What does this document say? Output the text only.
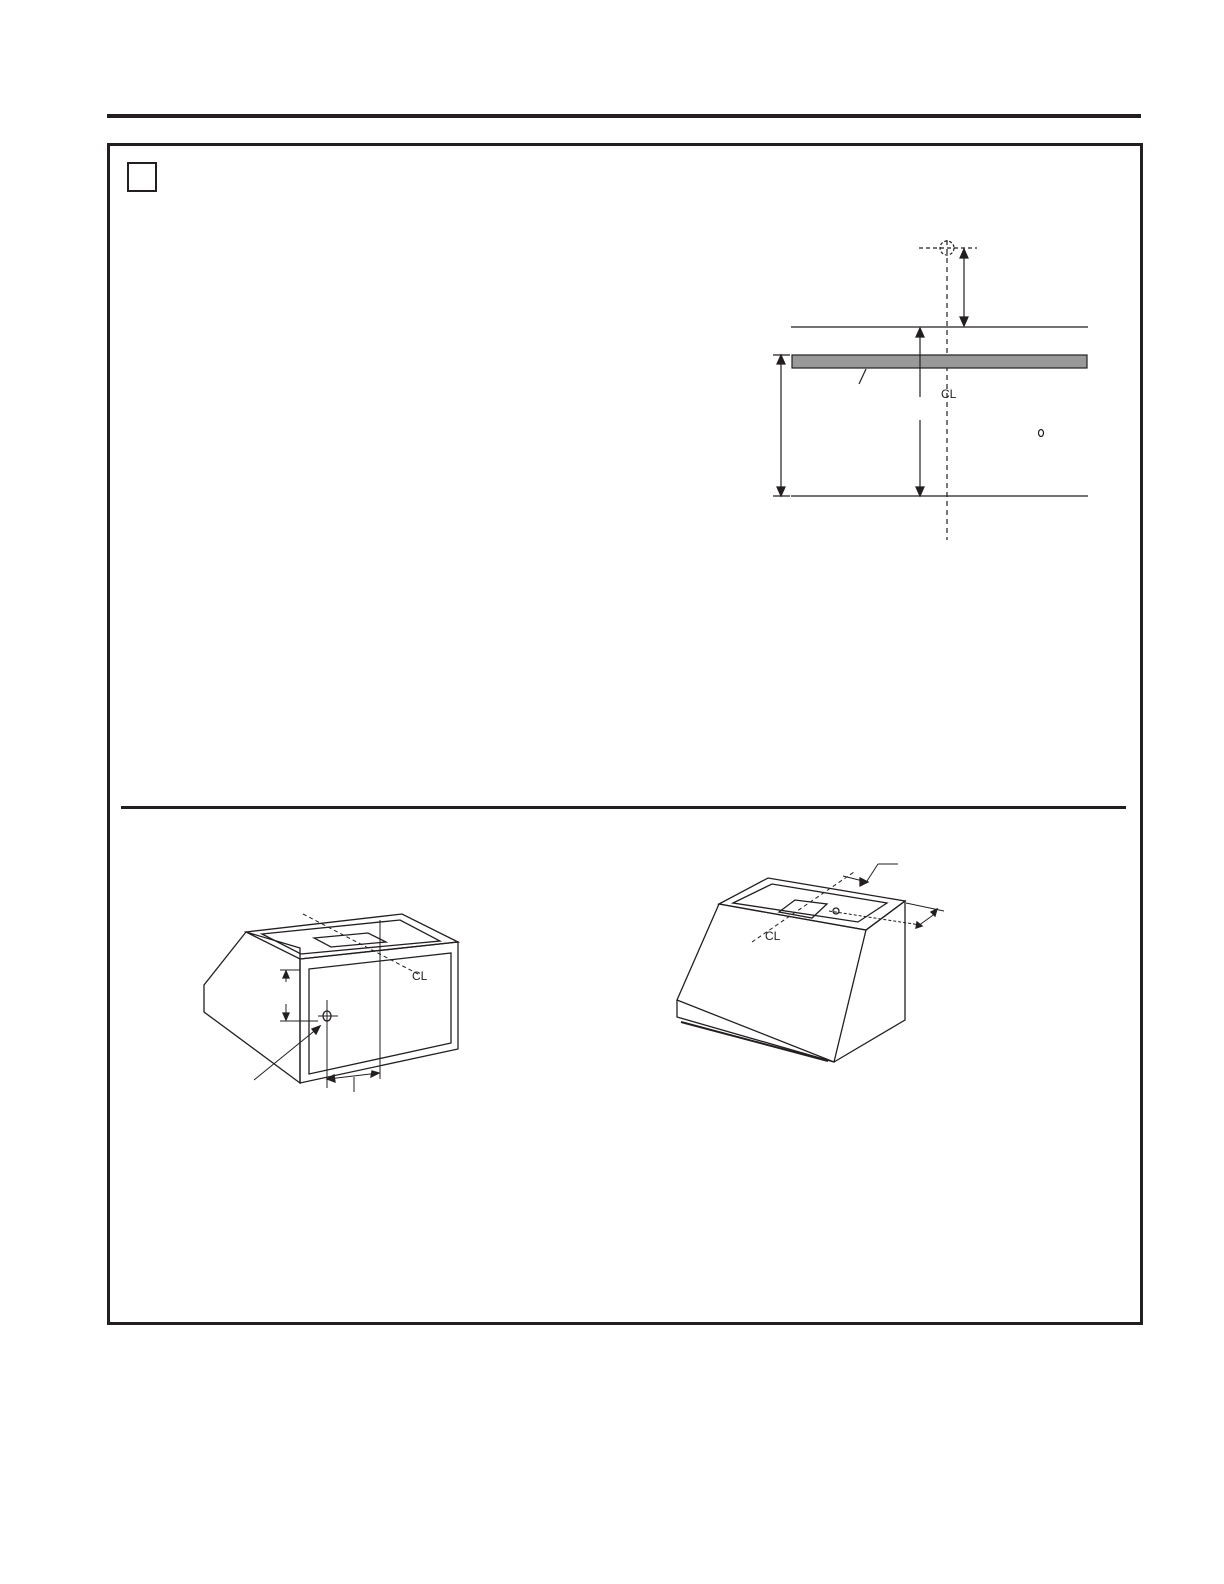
CL
CL
CL
